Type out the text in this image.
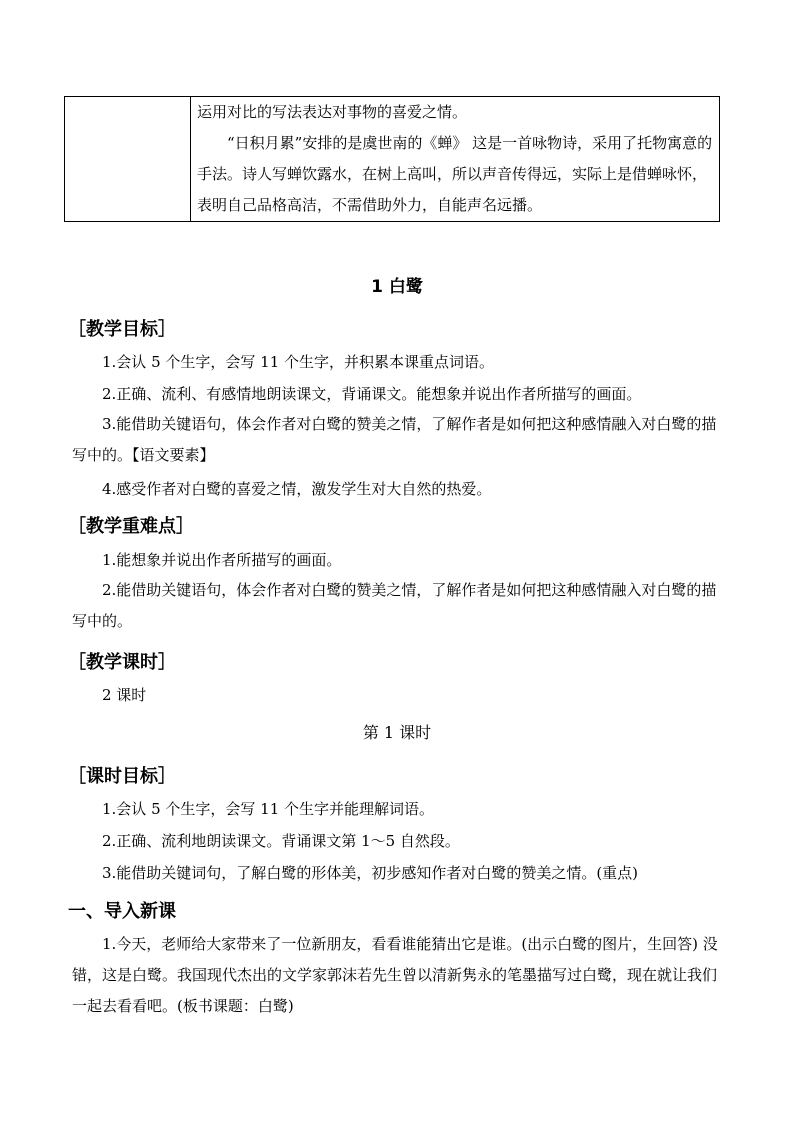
运用对比的写法表达对事物的喜爱之情。

“日积月累”安排的是虞世南的《蝉》 这是一首咏物诗，采用了托物寓意的手法。诗人写蝉饮露水，在树上高叫，所以声音传得远，实际上是借蝉咏怀，表明自己品格高洁，不需借助外力，自能声名远播。

1 白鹭
［教学目标］
1.会认 5 个生字，会写 11 个生字，并积累本课重点词语。
2.正确、流利、有感情地朗读课文，背诵课文。能想象并说出作者所描写的画面。

3.能借助关键语句，体会作者对白鹭的赞美之情，了解作者是如何把这种感情融入对白鹭的描写中的。【语文要素】

4.感受作者对白鹭的喜爱之情，激发学生对大自然的热爱。
［教学重难点］
1.能想象并说出作者所描写的画面。

2.能借助关键语句，体会作者对白鹭的赞美之情，了解作者是如何把这种感情融入对白鹭的描写中的。

［教学课时］
2 课时
第 1 课时
［课时目标］
1.会认 5 个生字，会写 11 个生字并能理解词语。
2.正确、流利地朗读课文。背诵课文第 1～5 自然段。
3.能借助关键词句，了解白鹭的形体美，初步感知作者对白鹭的赞美之情。(重点)
一、导入新课

1.今天，老师给大家带来了一位新朋友，看看谁能猜出它是谁。(出示白鹭的图片，生回答) 没错，这是白鹭。我国现代杰出的文学家郭沫若先生曾以清新隽永的笔墨描写过白鹭，现在就让我们一起去看看吧。(板书课题：白鹭)
